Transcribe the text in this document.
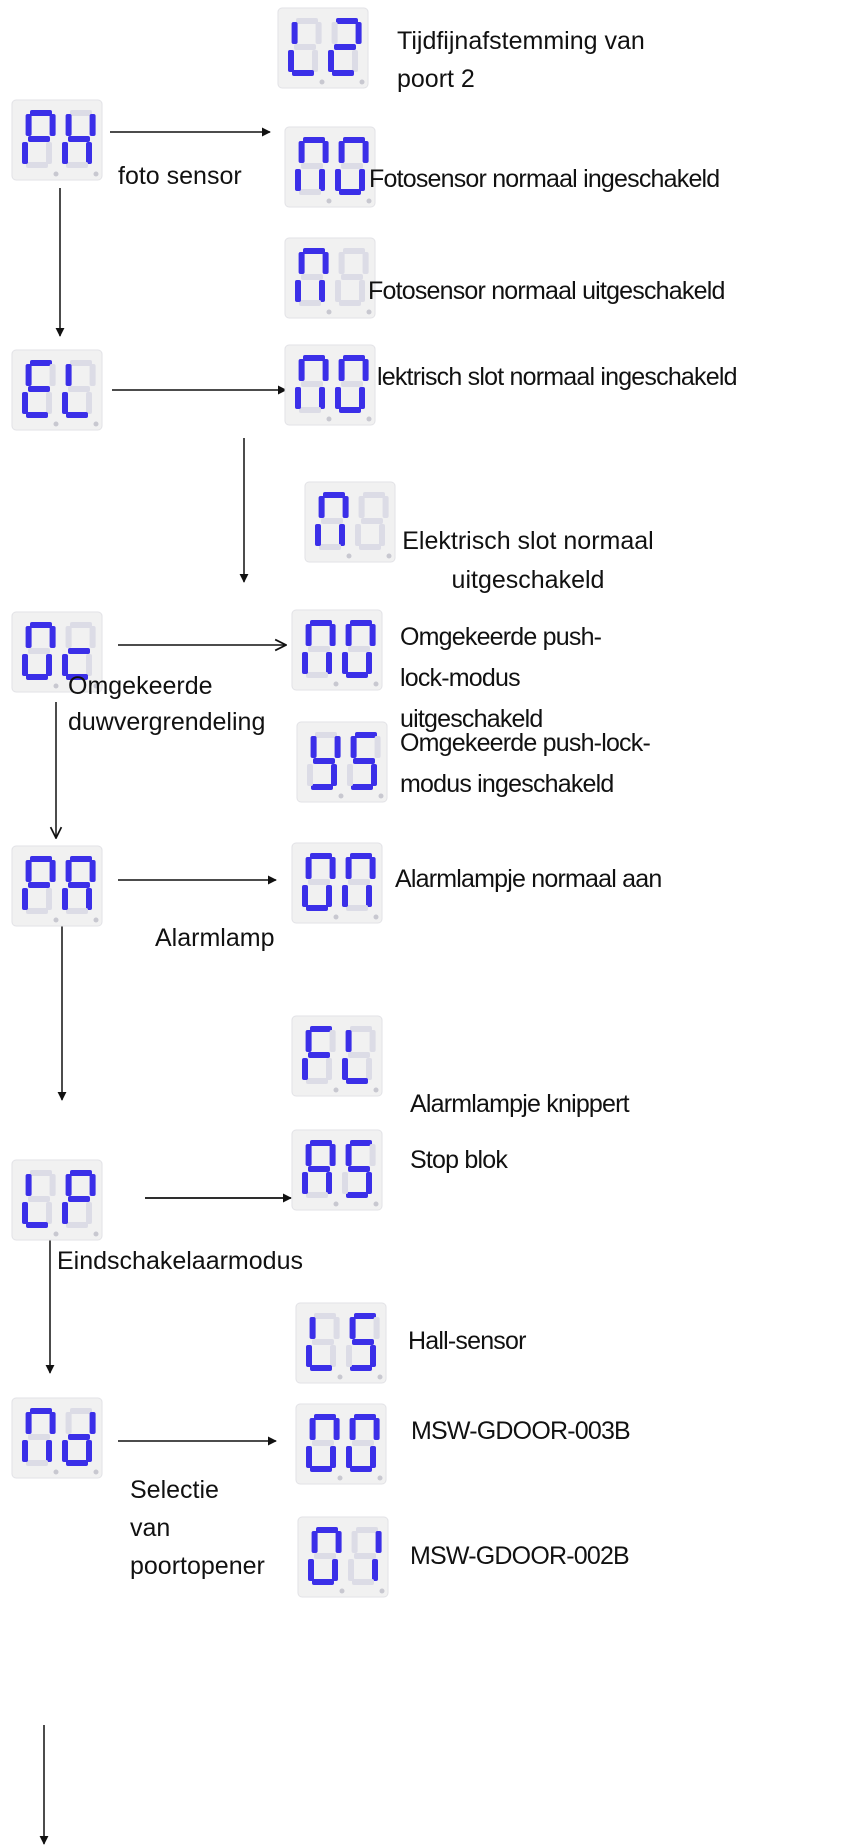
foto sensor
Omgekeerde duwvergrendeling
Alarmlamp
Eindschakelaarmodus
Selectie van poortopener
Tijdfijnafstemming van poort 2
Fotosensor normaal ingeschakeld
Fotosensor normaal uitgeschakeld
lektrisch slot normaal ingeschakeld
Elektrisch slot normaal uitgeschakeld
Omgekeerde push-lock-modus uitgeschakeld
Omgekeerde push-lock-modus ingeschakeld
Alarmlampje normaal aan
Alarmlampje knippert
Stop blok
Hall-sensor
MSW-GDOOR-003B
MSW-GDOOR-002B
